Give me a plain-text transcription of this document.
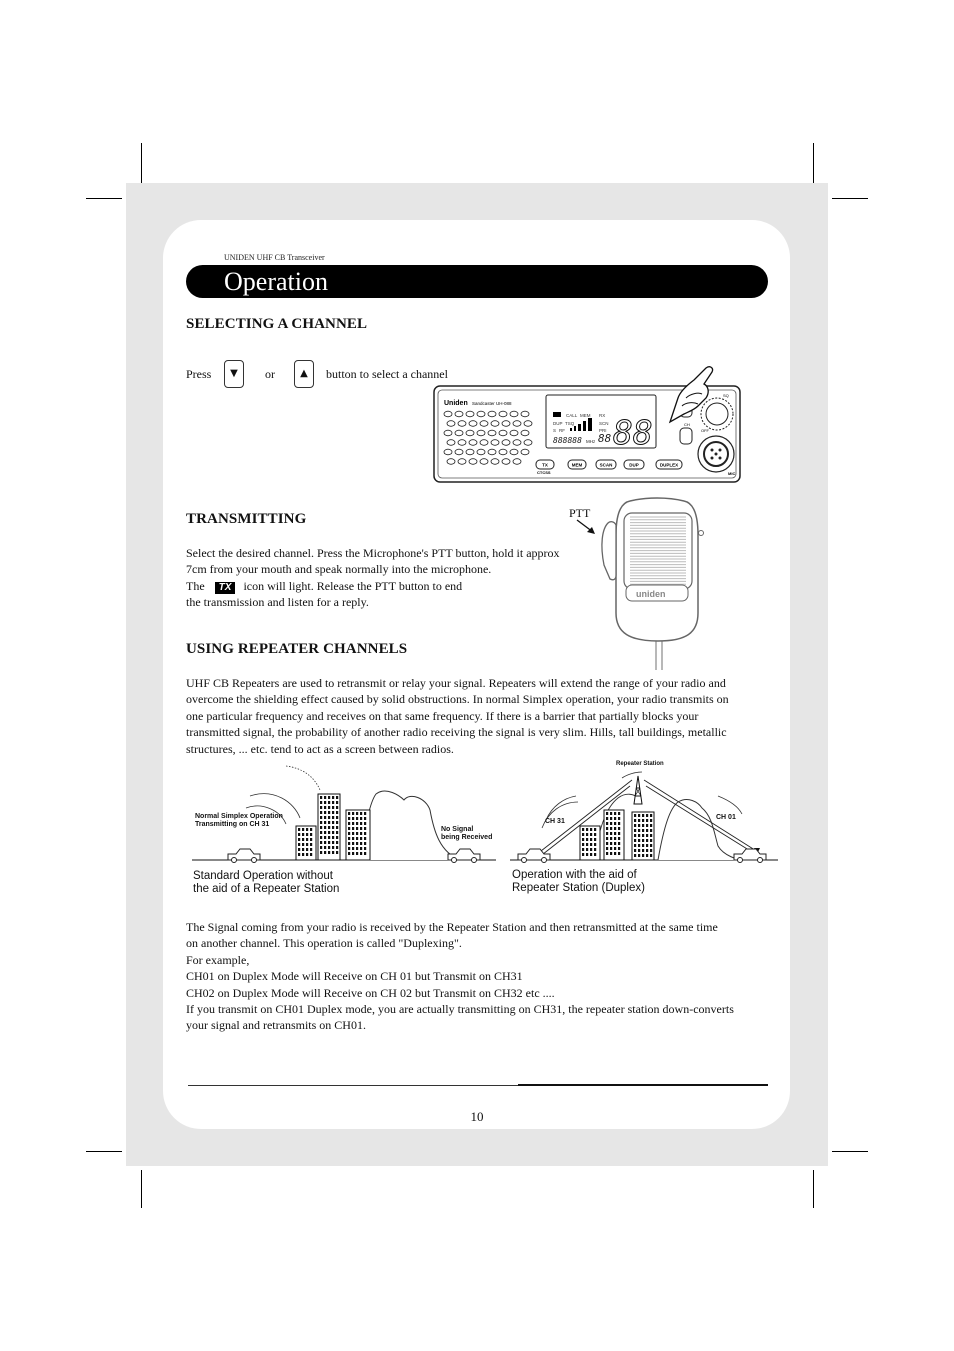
UNIDEN UHF CB Transceiver
Operation
SELECTING A CHANNEL
Press	▼	or	▲	button to select a channel
Uniden Sandcaster UH-088
CALL MEM RX
DUP TSQ	SCN
S RF	PRI
888888 MHz 88 88
TX	MEM	SCAN	DUP	DUPLEX
CTCSS
CH
SQ
OFF
MIC
TRANSMITTING	PTT
Select the desired channel. Press the Microphone's PTT button, hold it approx
7cm from your mouth and speak normally into the microphone.
The TX icon will light. Release the PTT button to end
the transmission and listen for a reply.
uniden
USING REPEATER CHANNELS
UHF CB Repeaters are used to retransmit or relay your signal. Repeaters will extend the range of your radio and
overcome the shielding effect caused by solid obstructions. In normal Simplex operation, your radio transmits on
one particular frequency and receives on that same frequency. If there is a barrier that partially blocks your
transmitted signal, the probability of another radio receiving the signal is very slim. Hills, tall buildings, metallic
structures, ... etc. tend to act as a screen between radios.
Normal Simplex Operation
Transmitting on CH 31
No Signal
being Received
Standard Operation without
the aid of a Repeater Station
Repeater Station
CH 31
CH 01
Operation with the aid of
Repeater Station (Duplex)
The Signal coming from your radio is received by the Repeater Station and then retransmitted at the same time
on another channel. This operation is called "Duplexing".
For example,
CH01 on Duplex Mode will Receive on CH 01 but Transmit on CH31
CH02 on Duplex Mode will Receive on CH 02 but Transmit on CH32 etc ....
If you transmit on CH01 Duplex mode, you are actually transmitting on CH31, the repeater station down-converts
your signal and retransmits on CH01.
10
